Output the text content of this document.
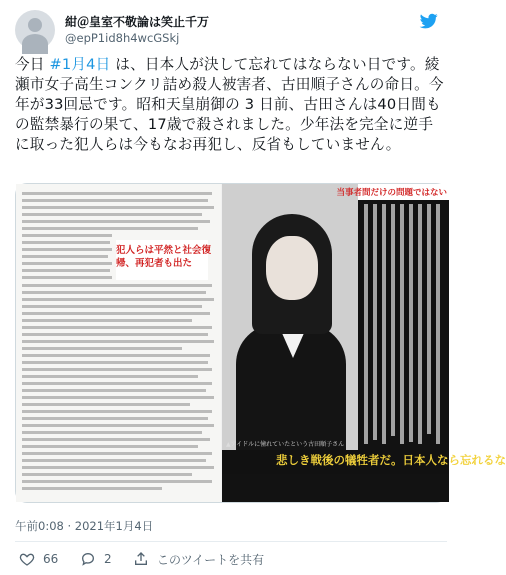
紺＠皇室不敬論は笑止千万
@epP1id8h4wcGSkj
今日 #1月4日 は、日本人が決して忘れてはならない日です。綾瀬市女子高生コンクリ詰め殺人被害者、古田順子さんの命日。今年が33回忌です。昭和天皇崩御の 3 日前、古田さんは40日間もの監禁暴行の果て、17歳で殺されました。少年法を完全に逆手に取った犯人らは今もなお再犯し、反省もしていません。
犯人らは平然と社会復帰、再犯者も出た
▲アイドルに憧れていたという古田順子さん
当事者間だけの問題ではない
悲しき戦後の犠牲者だ。日本人なら忘れるな
午前0:08 · 2021年1月4日
66	2	このツイートを共有
